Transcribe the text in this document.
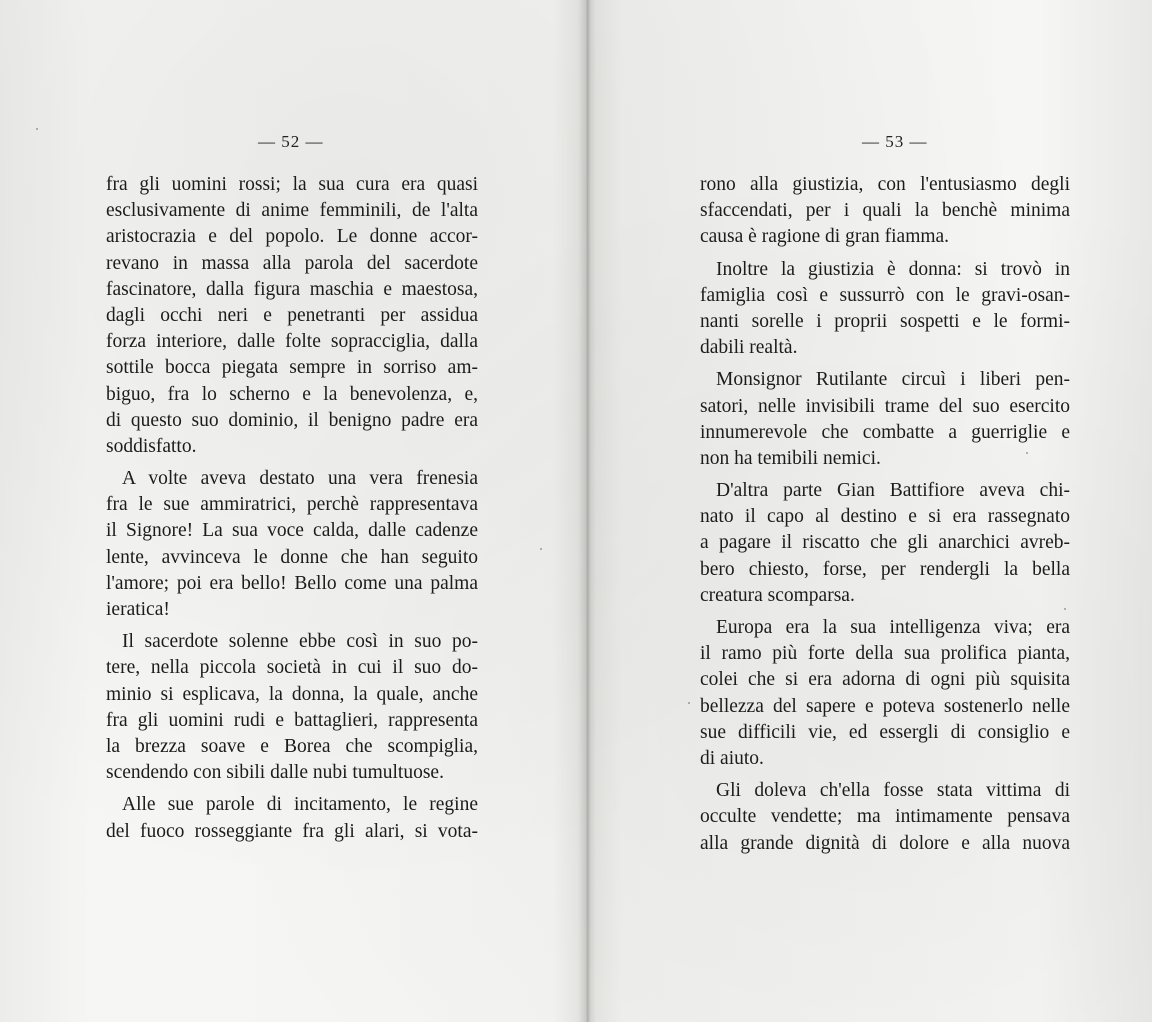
— 52 —
fra gli uomini rossi; la sua cura era quasi
esclusivamente di anime femminili, de l'alta
aristocrazia e del popolo. Le donne accor-
revano in massa alla parola del sacerdote
fascinatore, dalla figura maschia e maestosa,
dagli occhi neri e penetranti per assidua
forza interiore, dalle folte sopracciglia, dalla
sottile bocca piegata sempre in sorriso am-
biguo, fra lo scherno e la benevolenza, e,
di questo suo dominio, il benigno padre era
soddisfatto.
A volte aveva destato una vera frenesia
fra le sue ammiratrici, perchè rappresentava
il Signore! La sua voce calda, dalle cadenze
lente, avvinceva le donne che han seguito
l'amore; poi era bello! Bello come una palma
ieratica!
Il sacerdote solenne ebbe così in suo po-
tere, nella piccola società in cui il suo do-
minio si esplicava, la donna, la quale, anche
fra gli uomini rudi e battaglieri, rappresenta
la brezza soave e Borea che scompiglia,
scendendo con sibili dalle nubi tumultuose.
Alle sue parole di incitamento, le regine
del fuoco rosseggiante fra gli alari, si vota-
— 53 —
rono alla giustizia, con l'entusiasmo degli
sfaccendati, per i quali la benchè minima
causa è ragione di gran fiamma.
Inoltre la giustizia è donna: si trovò in
famiglia così e sussurrò con le gravi-osan-
nanti sorelle i proprii sospetti e le formi-
dabili realtà.
Monsignor Rutilante circuì i liberi pen-
satori, nelle invisibili trame del suo esercito
innumerevole che combatte a guerriglie e
non ha temibili nemici.
D'altra parte Gian Battifiore aveva chi-
nato il capo al destino e si era rassegnato
a pagare il riscatto che gli anarchici avreb-
bero chiesto, forse, per rendergli la bella
creatura scomparsa.
Europa era la sua intelligenza viva; era
il ramo più forte della sua prolifica pianta,
colei che si era adorna di ogni più squisita
bellezza del sapere e poteva sostenerlo nelle
sue difficili vie, ed essergli di consiglio e
di aiuto.
Gli doleva ch'ella fosse stata vittima di
occulte vendette; ma intimamente pensava
alla grande dignità di dolore e alla nuova
